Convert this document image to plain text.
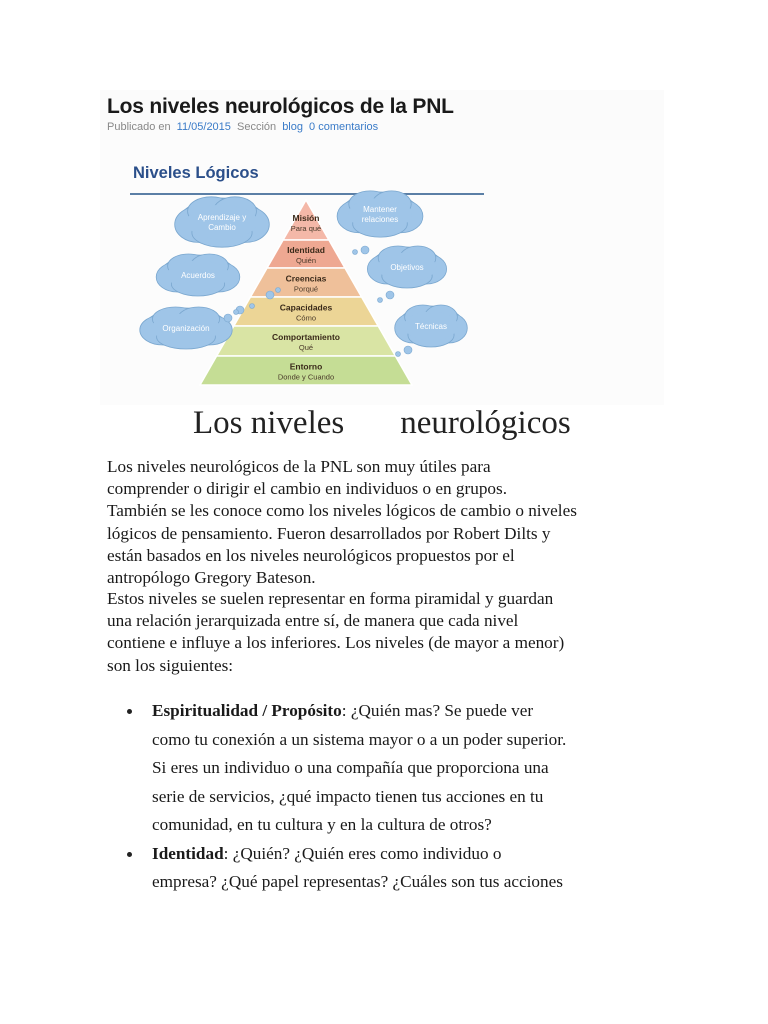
Los niveles neurológicos de la PNL
Publicado en 11/05/2015 Sección blog 0 comentarios
Niveles Lógicos
Misión
Para qué
Identidad
Quién
Creencias
Porqué
Capacidades
Cómo
Comportamiento
Qué
Entorno
Donde y Cuando
Aprendizaje y
Cambio
Acuerdos
Organización
Mantener
relaciones
Objetivos
Técnicas
Los niveles neurológicos

Los niveles neurológicos de la PNL son muy útiles para
comprender o dirigir el cambio en individuos o en grupos.
También se les conoce como los niveles lógicos de cambio o niveles
lógicos de pensamiento. Fueron desarrollados por Robert Dilts y
están basados en los niveles neurológicos propuestos por el
antropólogo Gregory Bateson.

Estos niveles se suelen representar en forma piramidal y guardan
una relación jerarquizada entre sí, de manera que cada nivel
contiene e influye a los inferiores. Los niveles (de mayor a menor)
son los siguientes:

Espiritualidad / Propósito: ¿Quién mas? Se puede ver
como tu conexión a un sistema mayor o a un poder superior.
Si eres un individuo o una compañía que proporciona una
serie de servicios, ¿qué impacto tienen tus acciones en tu
comunidad, en tu cultura y en la cultura de otros?
Identidad: ¿Quién? ¿Quién eres como individuo o
empresa? ¿Qué papel representas? ¿Cuáles son tus acciones
